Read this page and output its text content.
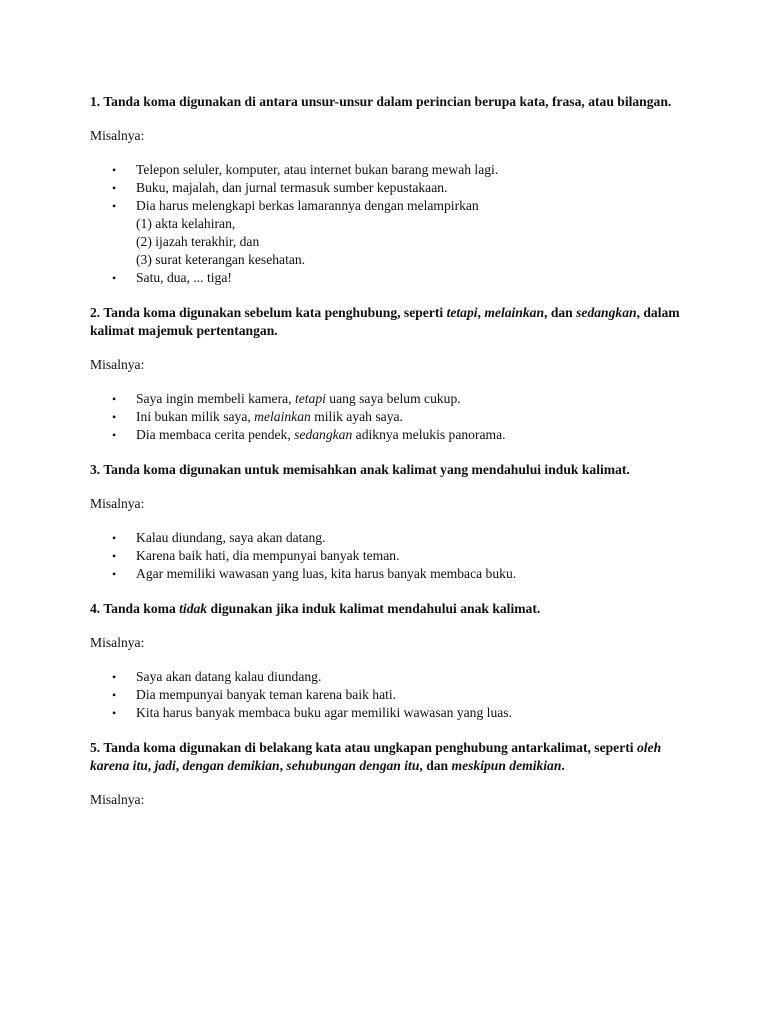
1. Tanda koma digunakan di antara unsur-unsur dalam perincian berupa kata, frasa, atau bilangan.

Misalnya:

• Telepon seluler, komputer, atau internet bukan barang mewah lagi.
• Buku, majalah, dan jurnal termasuk sumber kepustakaan.
• Dia harus melengkapi berkas lamarannya dengan melampirkan
(1) akta kelahiran,
(2) ijazah terakhir, dan
(3) surat keterangan kesehatan.
• Satu, dua, ... tiga!

2. Tanda koma digunakan sebelum kata penghubung, seperti tetapi, melainkan, dan sedangkan, dalam kalimat majemuk pertentangan.

Misalnya:

• Saya ingin membeli kamera, tetapi uang saya belum cukup.
• Ini bukan milik saya, melainkan milik ayah saya.
• Dia membaca cerita pendek, sedangkan adiknya melukis panorama.

3. Tanda koma digunakan untuk memisahkan anak kalimat yang mendahului induk kalimat.

Misalnya:

• Kalau diundang, saya akan datang.
• Karena baik hati, dia mempunyai banyak teman.
• Agar memiliki wawasan yang luas, kita harus banyak membaca buku.

4. Tanda koma tidak digunakan jika induk kalimat mendahului anak kalimat.

Misalnya:

• Saya akan datang kalau diundang.
• Dia mempunyai banyak teman karena baik hati.
• Kita harus banyak membaca buku agar memiliki wawasan yang luas.

5. Tanda koma digunakan di belakang kata atau ungkapan penghubung antarkalimat, seperti oleh karena itu, jadi, dengan demikian, sehubungan dengan itu, dan meskipun demikian.

Misalnya:
